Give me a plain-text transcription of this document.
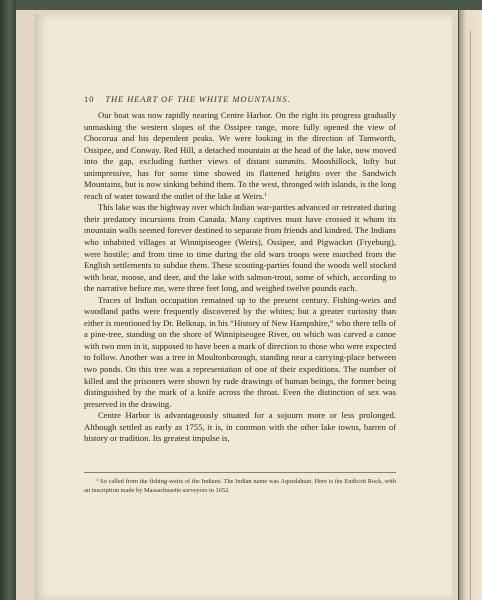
10 THE HEART OF THE WHITE MOUNTAINS.

Our boat was now rapidly nearing Centre Harbor. On the right its progress gradually unmasking the western slopes of the Ossipee range, more fully opened the view of Chocorua and his dependent peaks. We were looking in the direction of Tamworth, Ossipee, and Conway. Red Hill, a detached mountain at the head of the lake, now moved into the gap, excluding further views of distant summits. Mooshillock, lofty but unimpressive, has for some time showed its flattened heights over the Sandwich Mountains, but is now sinking behind them. To the west, thronged with islands, is the long reach of water toward the outlet of the lake at Weirs.$^1$

This lake was the highway over which Indian war-parties advanced or retreated during their predatory incursions from Canada. Many captives must have crossed it whom its mountain walls seemed forever destined to separate from friends and kindred. The Indians who inhabited villages at Winnipiseogee (Weirs), Ossipee, and Pigwacket (Fryeburg), were hostile; and from time to time during the old wars troops were marched from the English settlements to subdue them. These scouting-parties found the woods well stocked with bear, moose, and deer, and the lake with salmon-trout, some of which, according to the narrative before me, were three feet long, and weighed twelve pounds each.

Traces of Indian occupation remained up to the present century. Fishing-weirs and woodland paths were frequently discovered by the whites; but a greater curiosity than either is mentioned by Dr. Belknap, in his “History of New Hampshire,” who there tells of a pine-tree, standing on the shore of Winnipiseogee River, on which was carved a canoe with two men in it, supposed to have been a mark of direction to those who were expected to follow. Another was a tree in Moultonborough, standing near a carrying-place between two ponds. On this tree was a representation of one of their expeditions. The number of killed and the prisoners were shown by rude drawings of human beings, the former being distinguished by the mark of a knife across the throat. Even the distinction of sex was preserved in the drawing.

Centre Harbor is advantageously situated for a sojourn more or less prolonged. Although settled as early as 1755, it is, in common with the other lake towns, barren of history or tradition. Its greatest impulse is,

$^1$ So called from the fishing-weirs of the Indians. The Indian name was Aquedahtan. Here is the Endicott Rock, with an inscription made by Massachusetts surveyors in 1652.
